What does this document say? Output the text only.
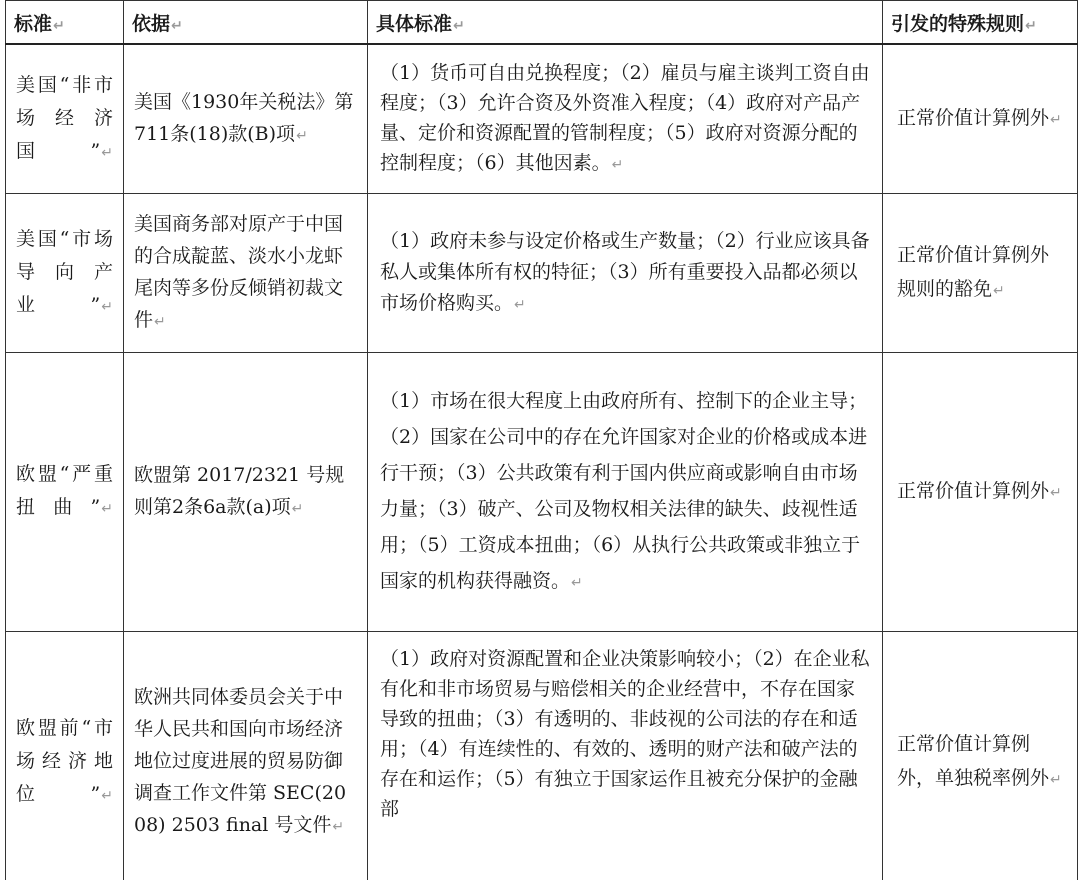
标准↵	依据↵	具体标准↵	引发的特殊规则↵
美国“非市场经济国”↵	美国《1930年关税法》第711条(18)款(B)项↵	（1）货币可自由兑换程度；（2）雇员与雇主谈判工资自由程度；（3）允许合资及外资准入程度；（4）政府对产品产量、定价和资源配置的管制程度；（5）政府对资源分配的控制程度；（6）其他因素。↵	正常价值计算例外↵
美国“市场导向产业”↵	美国商务部对原产于中国的合成靛蓝、淡水小龙虾尾肉等多份反倾销初裁文件↵	（1）政府未参与设定价格或生产数量；（2）行业应该具备私人或集体所有权的特征；（3）所有重要投入品都必须以市场价格购买。↵	正常价值计算例外规则的豁免↵
欧盟“严重扭曲”↵	欧盟第 2017/2321 号规则第2条6a款(a)项↵	（1）市场在很大程度上由政府所有、控制下的企业主导；（2）国家在公司中的存在允许国家对企业的价格或成本进行干预；（3）公共政策有利于国内供应商或影响自由市场力量；（3）破产、公司及物权相关法律的缺失、歧视性适用；（5）工资成本扭曲；（6）从执行公共政策或非独立于国家的机构获得融资。↵	正常价值计算例外↵
欧盟前“市场经济地位”↵	欧洲共同体委员会关于中华人民共和国向市场经济地位过度进展的贸易防御调查工作文件第 SEC(2008) 2503 final 号文件↵	（1）政府对资源配置和企业决策影响较小；（2）在企业私有化和非市场贸易与赔偿相关的企业经营中，不存在国家导致的扭曲；（3）有透明的、非歧视的公司法的存在和适用；（4）有连续性的、有效的、透明的财产法和破产法的存在和运作；（5）有独立于国家运作且被充分保护的金融部	正常价值计算例外，单独税率例外↵
